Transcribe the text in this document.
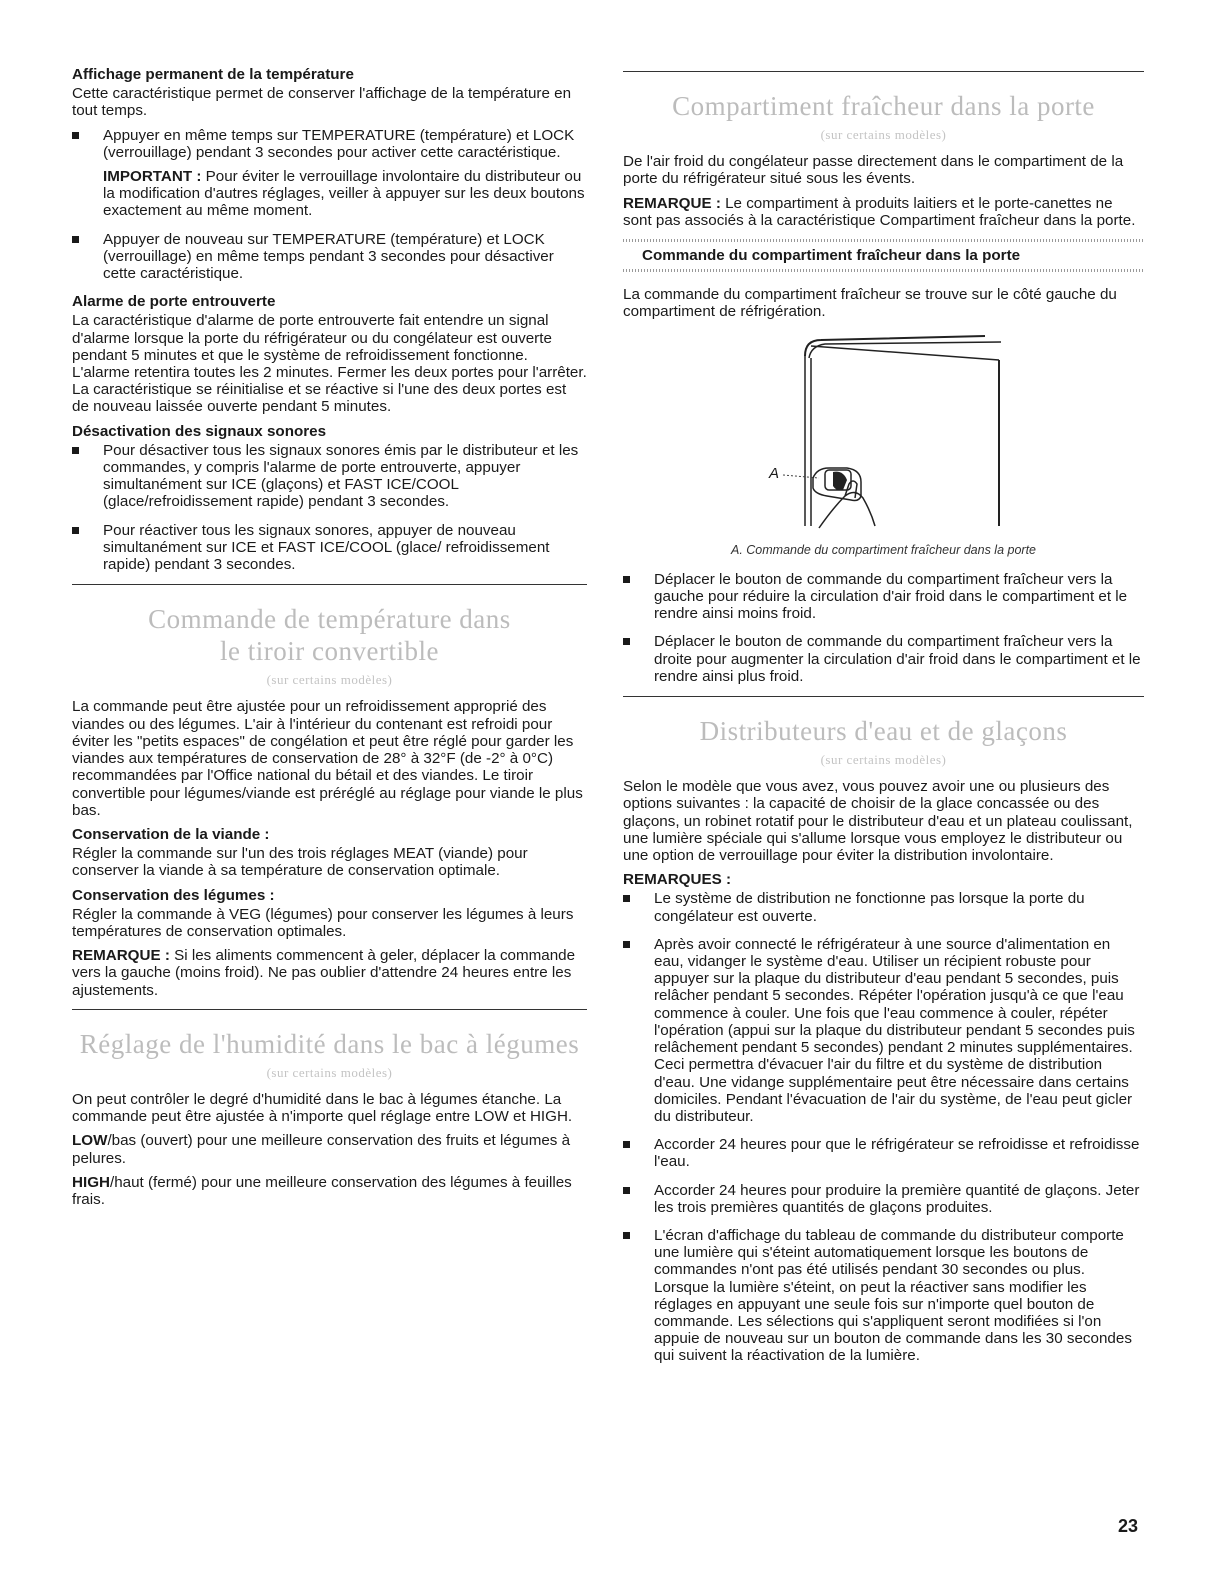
Affichage permanent de la température

Cette caractéristique permet de conserver l'affichage de la température en tout temps.

Appuyer en même temps sur TEMPERATURE (température) et LOCK (verrouillage) pendant 3 secondes pour activer cette caractéristique.
IMPORTANT : Pour éviter le verrouillage involontaire du distributeur ou la modification d'autres réglages, veiller à appuyer sur les deux boutons exactement au même moment.
Appuyer de nouveau sur TEMPERATURE (température) et LOCK (verrouillage) en même temps pendant 3 secondes pour désactiver cette caractéristique.
Alarme de porte entrouverte

La caractéristique d'alarme de porte entrouverte fait entendre un signal d'alarme lorsque la porte du réfrigérateur ou du congélateur est ouverte pendant 5 minutes et que le système de refroidissement fonctionne. L'alarme retentira toutes les 2 minutes. Fermer les deux portes pour l'arrêter. La caractéristique se réinitialise et se réactive si l'une des deux portes est de nouveau laissée ouverte pendant 5 minutes.

Désactivation des signaux sonores
Pour désactiver tous les signaux sonores émis par le distributeur et les commandes, y compris l'alarme de porte entrouverte, appuyer simultanément sur ICE (glaçons) et FAST ICE/COOL (glace/refroidissement rapide) pendant 3 secondes.
Pour réactiver tous les signaux sonores, appuyer de nouveau simultanément sur ICE et FAST ICE/COOL (glace/ refroidissement rapide) pendant 3 secondes.
Commande de température dans
le tiroir convertible
(sur certains modèles)

La commande peut être ajustée pour un refroidissement approprié des viandes ou des légumes. L'air à l'intérieur du contenant est refroidi pour éviter les "petits espaces" de congélation et peut être réglé pour garder les viandes aux températures de conservation de 28° à 32°F (de -2° à 0°C) recommandées par l'Office national du bétail et des viandes. Le tiroir convertible pour légumes/viande est préréglé au réglage pour viande le plus bas.

Conservation de la viande :

Régler la commande sur l'un des trois réglages MEAT (viande) pour conserver la viande à sa température de conservation optimale.

Conservation des légumes :

Régler la commande à VEG (légumes) pour conserver les légumes à leurs températures de conservation optimales.

REMARQUE : Si les aliments commencent à geler, déplacer la commande vers la gauche (moins froid). Ne pas oublier d'attendre 24 heures entre les ajustements.

Réglage de l'humidité dans le bac à légumes
(sur certains modèles)

On peut contrôler le degré d'humidité dans le bac à légumes étanche. La commande peut être ajustée à n'importe quel réglage entre LOW et HIGH.

LOW/bas (ouvert) pour une meilleure conservation des fruits et légumes à pelures.

HIGH/haut (fermé) pour une meilleure conservation des légumes à feuilles frais.

Compartiment fraîcheur dans la porte
(sur certains modèles)

De l'air froid du congélateur passe directement dans le compartiment de la porte du réfrigérateur situé sous les évents.

REMARQUE : Le compartiment à produits laitiers et le porte-canettes ne sont pas associés à la caractéristique Compartiment fraîcheur dans la porte.

Commande du compartiment fraîcheur dans la porte

La commande du compartiment fraîcheur se trouve sur le côté gauche du compartiment de réfrigération.

A
A. Commande du compartiment fraîcheur dans la porte
Déplacer le bouton de commande du compartiment fraîcheur vers la gauche pour réduire la circulation d'air froid dans le compartiment et le rendre ainsi moins froid.
Déplacer le bouton de commande du compartiment fraîcheur vers la droite pour augmenter la circulation d'air froid dans le compartiment et le rendre ainsi plus froid.
Distributeurs d'eau et de glaçons
(sur certains modèles)

Selon le modèle que vous avez, vous pouvez avoir une ou plusieurs des options suivantes : la capacité de choisir de la glace concassée ou des glaçons, un robinet rotatif pour le distributeur d'eau et un plateau coulissant, une lumière spéciale qui s'allume lorsque vous employez le distributeur ou une option de verrouillage pour éviter la distribution involontaire.

REMARQUES :
Le système de distribution ne fonctionne pas lorsque la porte du congélateur est ouverte.
Après avoir connecté le réfrigérateur à une source d'alimentation en eau, vidanger le système d'eau. Utiliser un récipient robuste pour appuyer sur la plaque du distributeur d'eau pendant 5 secondes, puis relâcher pendant 5 secondes. Répéter l'opération jusqu'à ce que l'eau commence à couler. Une fois que l'eau commence à couler, répéter l'opération (appui sur la plaque du distributeur pendant 5 secondes puis relâchement pendant 5 secondes) pendant 2 minutes supplémentaires. Ceci permettra d'évacuer l'air du filtre et du système de distribution d'eau. Une vidange supplémentaire peut être nécessaire dans certains domiciles. Pendant l'évacuation de l'air du système, de l'eau peut gicler du distributeur.
Accorder 24 heures pour que le réfrigérateur se refroidisse et refroidisse l'eau.
Accorder 24 heures pour produire la première quantité de glaçons. Jeter les trois premières quantités de glaçons produites.
L'écran d'affichage du tableau de commande du distributeur comporte une lumière qui s'éteint automatiquement lorsque les boutons de commandes n'ont pas été utilisés pendant 30 secondes ou plus. Lorsque la lumière s'éteint, on peut la réactiver sans modifier les réglages en appuyant une seule fois sur n'importe quel bouton de commande. Les sélections qui s'appliquent seront modifiées si l'on appuie de nouveau sur un bouton de commande dans les 30 secondes qui suivent la réactivation de la lumière.
23
